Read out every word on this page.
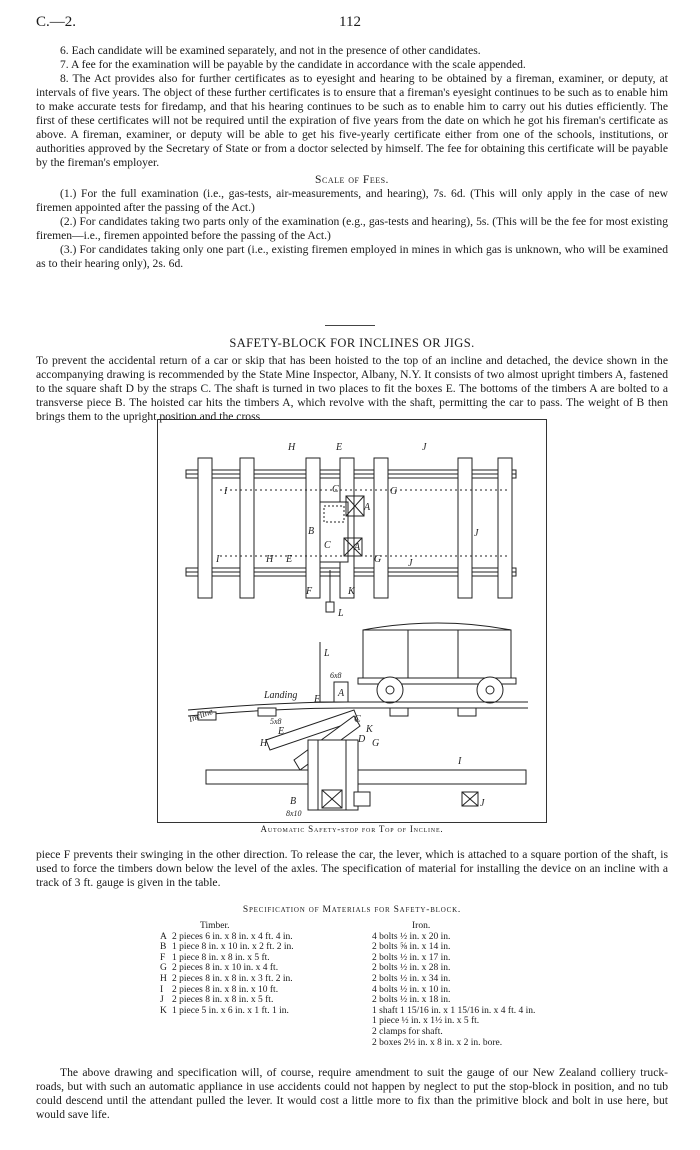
C.—2.	112

6. Each candidate will be examined separately, and not in the presence of other candidates.

7. A fee for the examination will be payable by the candidate in accordance with the scale appended.

8. The Act provides also for further certificates as to eyesight and hearing to be obtained by a fireman, examiner, or deputy, at intervals of five years. The object of these further certificates is to ensure that a fireman's eyesight continues to be such as to enable him to make accurate tests for firedamp, and that his hearing continues to be such as to enable him to carry out his duties efficiently. The first of these certificates will not be required until the expiration of five years from the date on which he got his fireman's certificate as above. A fireman, examiner, or deputy will be able to get his five-yearly certificate either from one of the schools, institutions, or authorities approved by the Secretary of State or from a doctor selected by himself. The fee for obtaining this certificate will be payable by the fireman's employer.

Scale of Fees.

(1.) For the full examination (i.e., gas-tests, air-measurements, and hearing), 7s. 6d. (This will only apply in the case of new firemen appointed after the passing of the Act.)

(2.) For candidates taking two parts only of the examination (e.g., gas-tests and hearing), 5s. (This will be the fee for most existing firemen—i.e., firemen appointed before the passing of the Act.)

(3.) For candidates taking only one part (i.e., existing firemen employed in mines in which gas is unknown, who will be examined as to their hearing only), 2s. 6d.

SAFETY-BLOCK FOR INCLINES OR JIGS.

To prevent the accidental return of a car or skip that has been hoisted to the top of an incline and detached, the device shown in the accompanying drawing is recommended by the State Mine Inspector, Albany, N.Y. It consists of two almost upright timbers A, fastened to the square shaft D by the straps C. The shaft is turned in two places to fit the boxes E. The bottoms of the timbers A are bolted to a transverse piece B. The hoisted car hits the timbers A, which revolve with the shaft, permitting the car to pass. The weight of B then brings them to the upright position and the cross

H	E	J
I	C
A
G
B	J
C A
I	H E	G	J
F	K
L
L
6x8
Landing F
A
Incline	5x8	C
E	K
H	D G
I
B
8x10
J
Automatic Safety-stop for Top of Incline.

piece F prevents their swinging in the other direction. To release the car, the lever, which is attached to a square portion of the shaft, is used to force the timbers down below the level of the axles. The specification of material for installing the device on an incline with a track of 3 ft. gauge is given in the table.

Specification of Materials for Safety-block.
Timber.
A 2 pieces 6 in. x 8 in. x 4 ft. 4 in.
B 1 piece 8 in. x 10 in. x 2 ft. 2 in.
F 1 piece 8 in. x 8 in. x 5 ft.
G 2 pieces 8 in. x 10 in. x 4 ft.
H 2 pieces 8 in. x 8 in. x 3 ft. 2 in.
I 2 pieces 8 in. x 8 in. x 10 ft.
J 2 pieces 8 in. x 8 in. x 5 ft.
K 1 piece 5 in. x 6 in. x 1 ft. 1 in.
Iron.
4 bolts ½ in. x 20 in.
2 bolts ⅝ in. x 14 in.
2 bolts ½ in. x 17 in.
2 bolts ½ in. x 28 in.
2 bolts ½ in. x 34 in.
4 bolts ½ in. x 10 in.
2 bolts ½ in. x 18 in.
1 shaft 1 15/16 in. x 1 15/16 in. x 4 ft. 4 in.
1 piece ½ in. x 1½ in. x 5 ft.
2 clamps for shaft.
2 boxes 2½ in. x 8 in. x 2 in. bore.

The above drawing and specification will, of course, require amendment to suit the gauge of our New Zealand colliery truck-roads, but with such an automatic appliance in use accidents could not happen by neglect to put the stop-block in position, and no tub could descend until the attendant pulled the lever. It would cost a little more to fix than the primitive block and bolt in use here, but would save life.
